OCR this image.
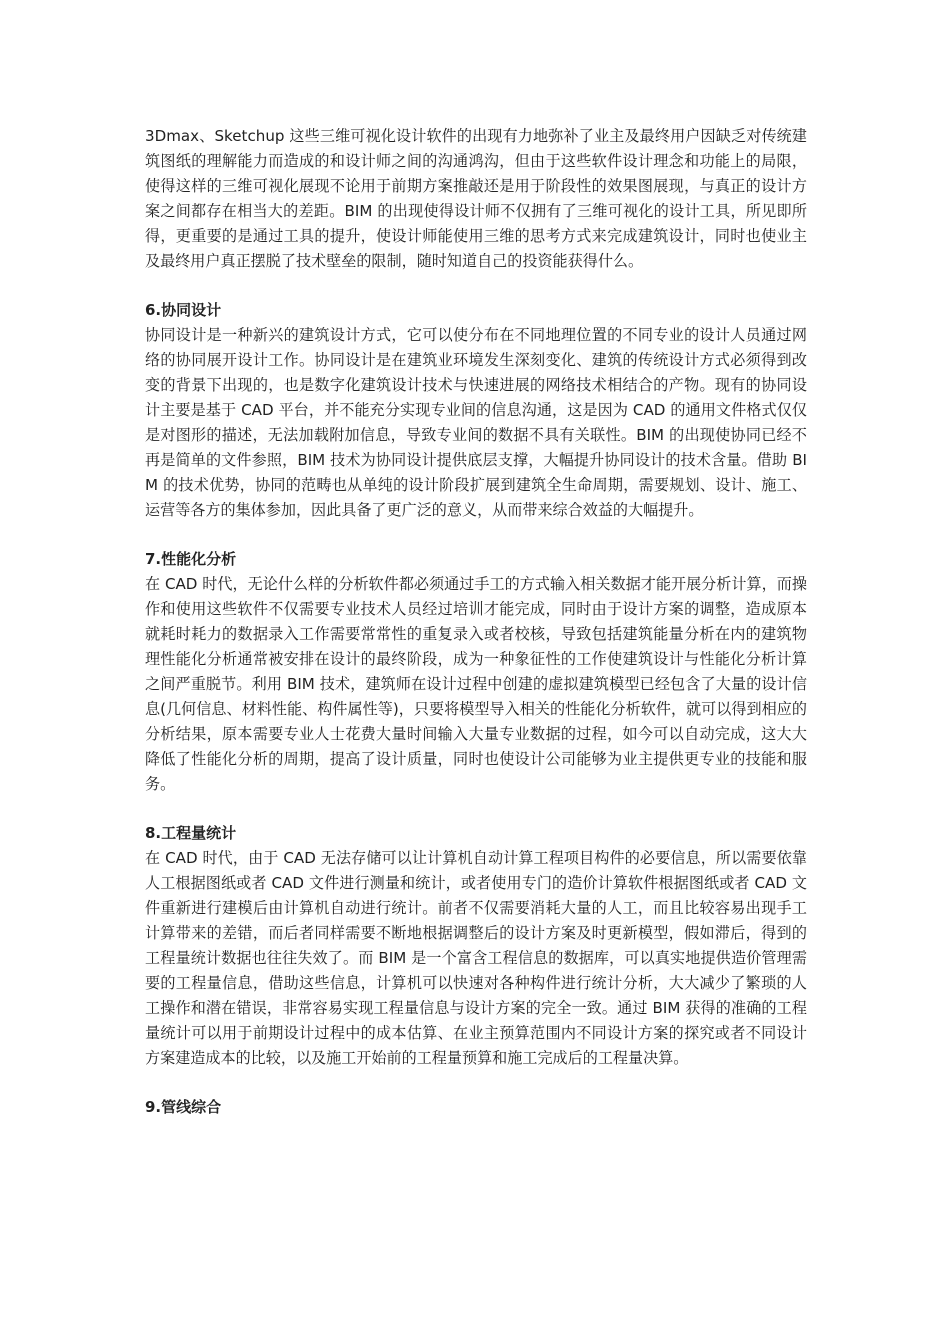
3Dmax、Sketchup 这些三维可视化设计软件的出现有力地弥补了业主及最终用户因缺乏对传统建筑图纸的理解能力而造成的和设计师之间的沟通鸿沟，但由于这些软件设计理念和功能上的局限，使得这样的三维可视化展现不论用于前期方案推敲还是用于阶段性的效果图展现，与真正的设计方案之间都存在相当大的差距。BIM 的出现使得设计师不仅拥有了三维可视化的设计工具，所见即所得，更重要的是通过工具的提升，使设计师能使用三维的思考方式来完成建筑设计，同时也使业主及最终用户真正摆脱了技术壁垒的限制，随时知道自己的投资能获得什么。

6.协同设计

协同设计是一种新兴的建筑设计方式，它可以使分布在不同地理位置的不同专业的设计人员通过网络的协同展开设计工作。协同设计是在建筑业环境发生深刻变化、建筑的传统设计方式必须得到改变的背景下出现的，也是数字化建筑设计技术与快速进展的网络技术相结合的产物。现有的协同设计主要是基于 CAD 平台，并不能充分实现专业间的信息沟通，这是因为 CAD 的通用文件格式仅仅是对图形的描述，无法加载附加信息，导致专业间的数据不具有关联性。BIM 的出现使协同已经不再是简单的文件参照，BIM 技术为协同设计提供底层支撑，大幅提升协同设计的技术含量。借助 BIM 的技术优势，协同的范畴也从单纯的设计阶段扩展到建筑全生命周期，需要规划、设计、施工、运营等各方的集体参加，因此具备了更广泛的意义，从而带来综合效益的大幅提升。

7.性能化分析

在 CAD 时代，无论什么样的分析软件都必须通过手工的方式输入相关数据才能开展分析计算，而操作和使用这些软件不仅需要专业技术人员经过培训才能完成，同时由于设计方案的调整，造成原本就耗时耗力的数据录入工作需要常常性的重复录入或者校核，导致包括建筑能量分析在内的建筑物理性能化分析通常被安排在设计的最终阶段，成为一种象征性的工作使建筑设计与性能化分析计算之间严重脱节。利用 BIM 技术，建筑师在设计过程中创建的虚拟建筑模型已经包含了大量的设计信息(几何信息、材料性能、构件属性等)，只要将模型导入相关的性能化分析软件，就可以得到相应的分析结果，原本需要专业人士花费大量时间输入大量专业数据的过程，如今可以自动完成，这大大降低了性能化分析的周期，提高了设计质量，同时也使设计公司能够为业主提供更专业的技能和服务。

8.工程量统计

在 CAD 时代，由于 CAD 无法存储可以让计算机自动计算工程项目构件的必要信息，所以需要依靠人工根据图纸或者 CAD 文件进行测量和统计，或者使用专门的造价计算软件根据图纸或者 CAD 文件重新进行建模后由计算机自动进行统计。前者不仅需要消耗大量的人工，而且比较容易出现手工计算带来的差错，而后者同样需要不断地根据调整后的设计方案及时更新模型，假如滞后，得到的工程量统计数据也往往失效了。而 BIM 是一个富含工程信息的数据库，可以真实地提供造价管理需要的工程量信息，借助这些信息，计算机可以快速对各种构件进行统计分析，大大减少了繁琐的人工操作和潜在错误，非常容易实现工程量信息与设计方案的完全一致。通过 BIM 获得的准确的工程量统计可以用于前期设计过程中的成本估算、在业主预算范围内不同设计方案的探究或者不同设计方案建造成本的比较，以及施工开始前的工程量预算和施工完成后的工程量决算。

9.管线综合
